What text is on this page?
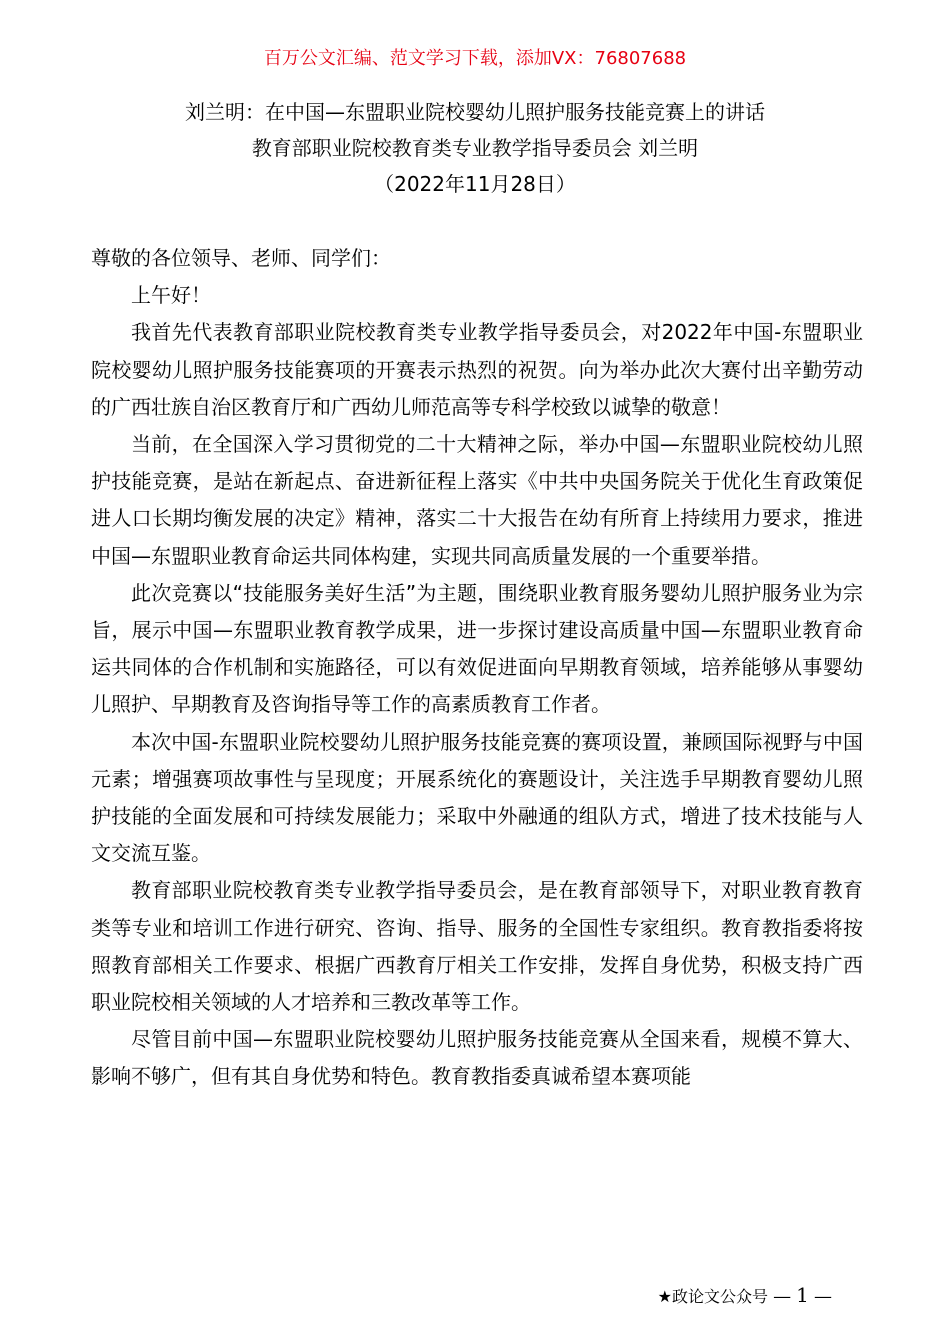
百万公文汇编、范文学习下载，添加VX：76807688
刘兰明：在中国—东盟职业院校婴幼儿照护服务技能竞赛上的讲话
教育部职业院校教育类专业教学指导委员会 刘兰明
（2022年11月28日）

尊敬的各位领导、老师、同学们：

上午好！

我首先代表教育部职业院校教育类专业教学指导委员会，对2022年中国-东盟职业院校婴幼儿照护服务技能赛项的开赛表示热烈的祝贺。向为举办此次大赛付出辛勤劳动的广西壮族自治区教育厅和广西幼儿师范高等专科学校致以诚挚的敬意！

当前，在全国深入学习贯彻党的二十大精神之际，举办中国—东盟职业院校幼儿照护技能竞赛，是站在新起点、奋进新征程上落实《中共中央国务院关于优化生育政策促进人口长期均衡发展的决定》精神，落实二十大报告在幼有所育上持续用力要求，推进中国—东盟职业教育命运共同体构建，实现共同高质量发展的一个重要举措。

此次竞赛以“技能服务美好生活”为主题，围绕职业教育服务婴幼儿照护服务业为宗旨，展示中国—东盟职业教育教学成果，进一步探讨建设高质量中国—东盟职业教育命运共同体的合作机制和实施路径，可以有效促进面向早期教育领域，培养能够从事婴幼儿照护、早期教育及咨询指导等工作的高素质教育工作者。

本次中国-东盟职业院校婴幼儿照护服务技能竞赛的赛项设置，兼顾国际视野与中国元素；增强赛项故事性与呈现度；开展系统化的赛题设计，关注选手早期教育婴幼儿照护技能的全面发展和可持续发展能力；采取中外融通的组队方式，增进了技术技能与人文交流互鉴。

教育部职业院校教育类专业教学指导委员会，是在教育部领导下，对职业教育教育类等专业和培训工作进行研究、咨询、指导、服务的全国性专家组织。教育教指委将按照教育部相关工作要求、根据广西教育厅相关工作安排，发挥自身优势，积极支持广西职业院校相关领域的人才培养和三教改革等工作。

尽管目前中国—东盟职业院校婴幼儿照护服务技能竞赛从全国来看，规模不算大、影响不够广，但有其自身优势和特色。教育教指委真诚希望本赛项能

★政论文公众号 — 1 —
